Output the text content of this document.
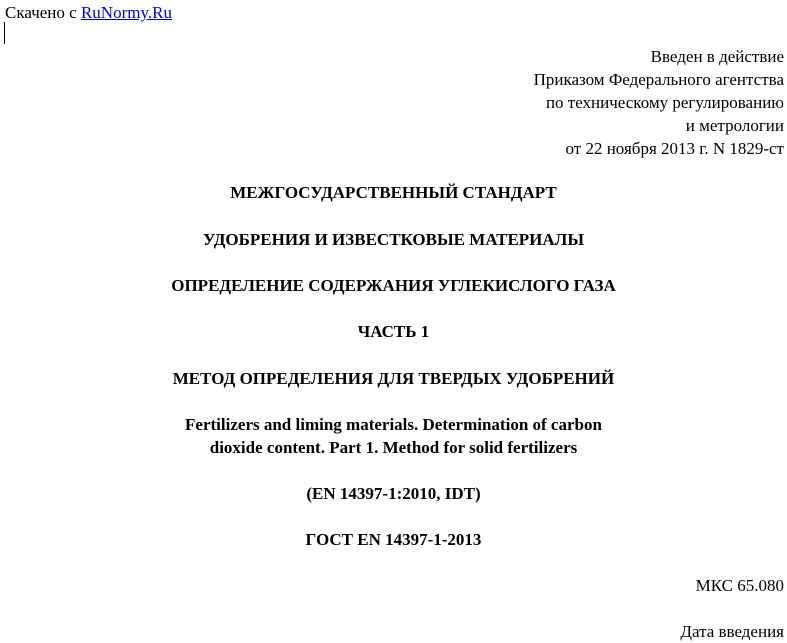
Скачено с RuNormy.Ru
Введен в действие
Приказом Федерального агентства
по техническому регулированию
и метрологии
от 22 ноября 2013 г. N 1829-ст
МЕЖГОСУДАРСТВЕННЫЙ СТАНДАРТ
УДОБРЕНИЯ И ИЗВЕСТКОВЫЕ МАТЕРИАЛЫ
ОПРЕДЕЛЕНИЕ СОДЕРЖАНИЯ УГЛЕКИСЛОГО ГАЗА
ЧАСТЬ 1
МЕТОД ОПРЕДЕЛЕНИЯ ДЛЯ ТВЕРДЫХ УДОБРЕНИЙ
Fertilizers and liming materials. Determination of carbon
dioxide content. Part 1. Method for solid fertilizers
(EN 14397-1:2010, IDT)
ГОСТ EN 14397-1-2013
МКС 65.080
Дата введения
